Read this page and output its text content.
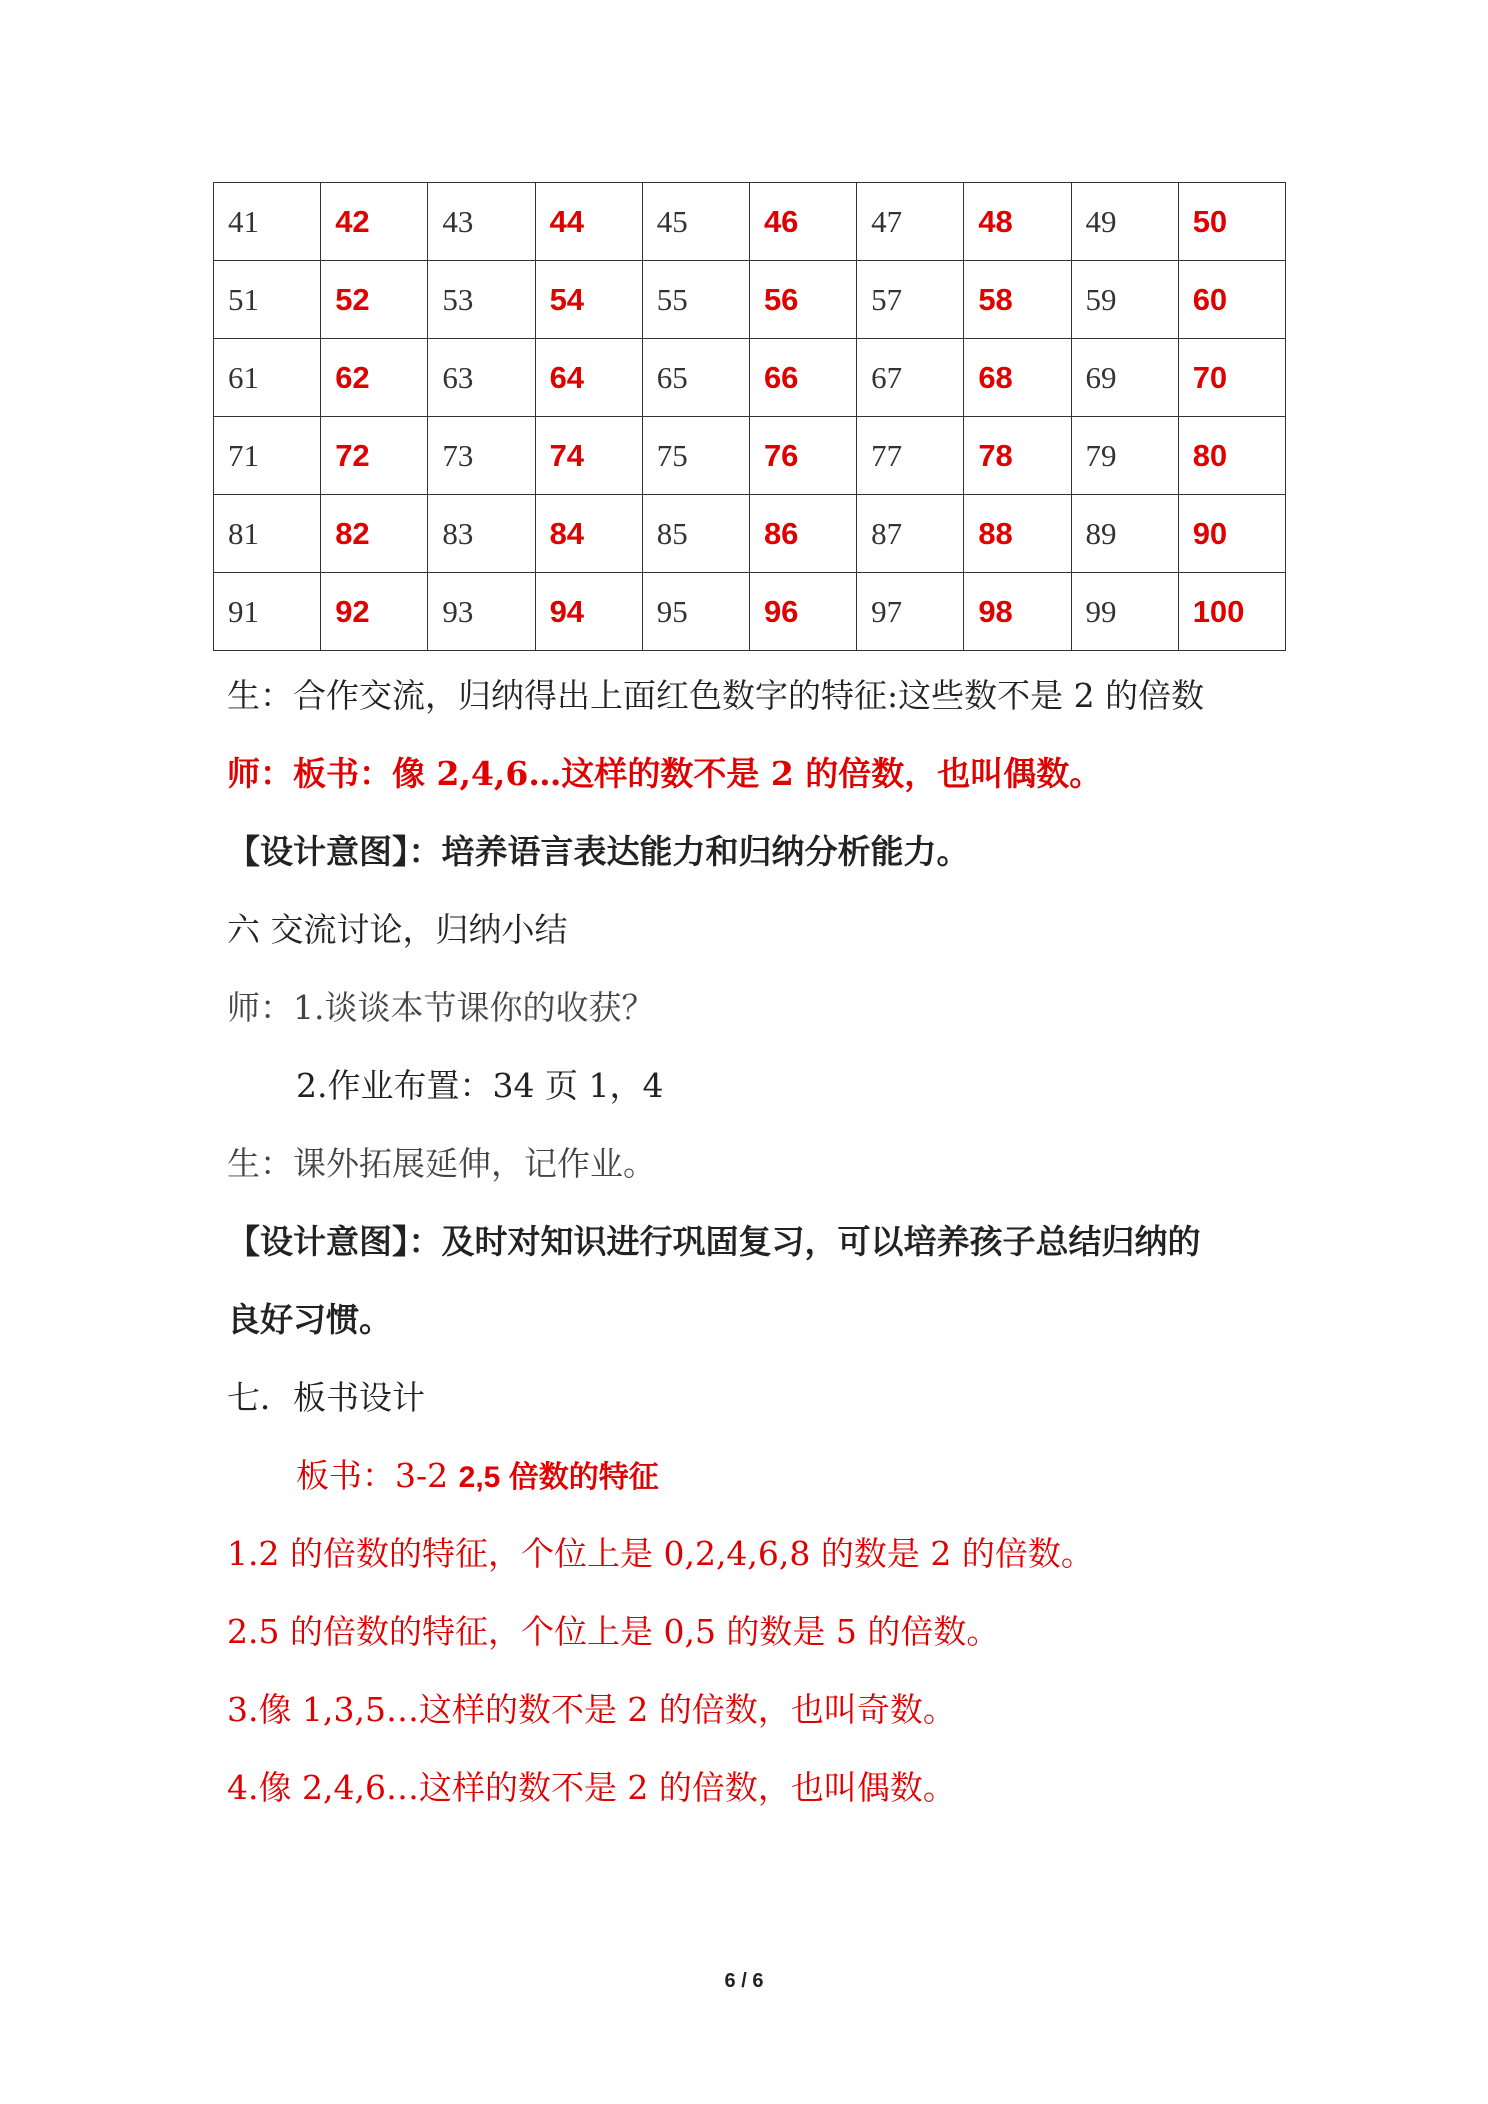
41	42	43	44	45	46	47	48	49	50
51	52	53	54	55	56	57	58	59	60
61	62	63	64	65	66	67	68	69	70
71	72	73	74	75	76	77	78	79	80
81	82	83	84	85	86	87	88	89	90
91	92	93	94	95	96	97	98	99	100
生：合作交流，归纳得出上面红色数字的特征:这些数不是 2 的倍数
师：板书：像 2,4,6…这样的数不是 2 的倍数，也叫偶数。
【设计意图】：培养语言表达能力和归纳分析能力。
六 交流讨论，归纳小结
师：1.谈谈本节课你的收获？
2.作业布置：34 页 1，4
生：课外拓展延伸，记作业。
【设计意图】：及时对知识进行巩固复习，可以培养孩子总结归纳的
良好习惯。
七．板书设计
板书：3-2 2,5 倍数的特征
1.2 的倍数的特征，个位上是 0,2,4,6,8 的数是 2 的倍数。
2.5 的倍数的特征，个位上是 0,5 的数是 5 的倍数。
3.像 1,3,5…这样的数不是 2 的倍数，也叫奇数。
4.像 2,4,6…这样的数不是 2 的倍数，也叫偶数。
6 / 6
